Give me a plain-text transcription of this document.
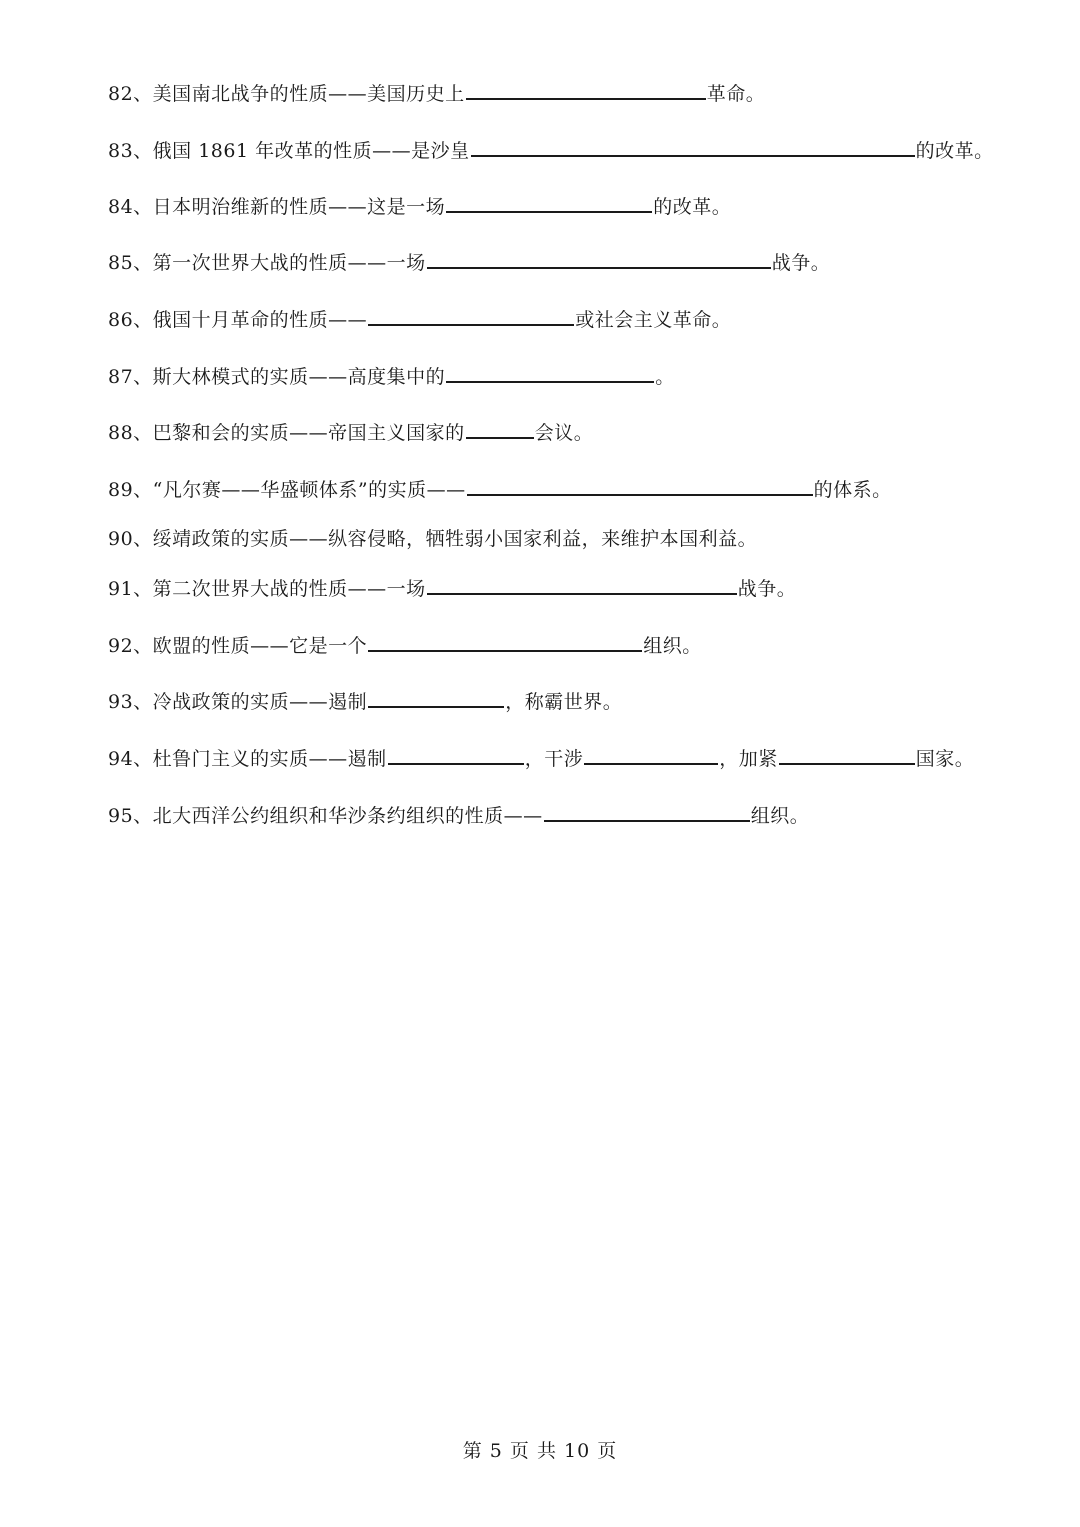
82、美国南北战争的性质——美国历史上	革命。
83、俄国 1861 年改革的性质——是沙皇	的改革。
84、日本明治维新的性质——这是一场	的改革。
85、第一次世界大战的性质——一场	战争。
86、俄国十月革命的性质——	或社会主义革命。
87、斯大林模式的实质——高度集中的	。
88、巴黎和会的实质——帝国主义国家的	会议。
89、“凡尔赛——华盛顿体系”的实质——	的体系。
90、绥靖政策的实质——纵容侵略，牺牲弱小国家利益，来维护本国利益。
91、第二次世界大战的性质——一场	战争。
92、欧盟的性质——它是一个	组织。
93、冷战政策的实质——遏制	，称霸世界。
94、杜鲁门主义的实质——遏制	，干涉	，加紧	国家。
95、北大西洋公约组织和华沙条约组织的性质——	组织。
第 5 页 共 10 页
